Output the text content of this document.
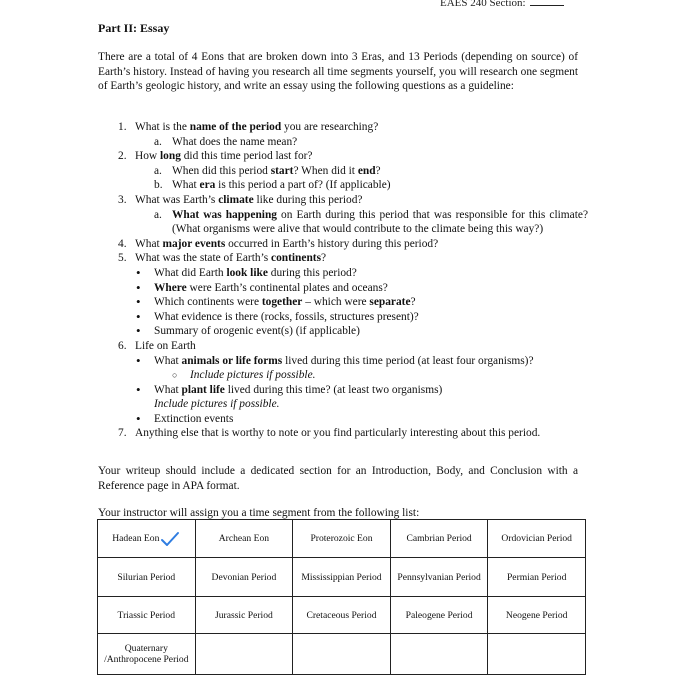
EAES 240 Section:
Part II: Essay
There are a total of 4 Eons that are broken down into 3 Eras, and 13 Periods (depending on source) of Earth’s history. Instead of having you research all time segments yourself, you will research one segment of Earth’s geologic history, and write an essay using the following questions as a guideline:
1. What is the name of the period you are researching?
a. What does the name mean?
2. How long did this time period last for?
a. When did this period start? When did it end?
b. What era is this period a part of? (If applicable)
3. What was Earth’s climate like during this period?
a. What was happening on Earth during this period that was responsible for this climate? (What organisms were alive that would contribute to the climate being this way?)
4. What major events occurred in Earth’s history during this period?
5. What was the state of Earth’s continents?
• What did Earth look like during this period?
• Where were Earth’s continental plates and oceans?
• Which continents were together – which were separate?
• What evidence is there (rocks, fossils, structures present)?
• Summary of orogenic event(s) (if applicable)
6. Life on Earth
• What animals or life forms lived during this time period (at least four organisms)?
○ Include pictures if possible.
• What plant life lived during this time? (at least two organisms)
Include pictures if possible.
• Extinction events
7. Anything else that is worthy to note or you find particularly interesting about this period.
Your writeup should include a dedicated section for an Introduction, Body, and Conclusion with a Reference page in APA format.
Your instructor will assign you a time segment from the following list:
Hadean Eon	Archean Eon	Proterozoic Eon	Cambrian Period	Ordovician Period
Silurian Period	Devonian Period	Mississippian Period	Pennsylvanian Period	Permian Period
Triassic Period	Jurassic Period	Cretaceous Period	Paleogene Period	Neogene Period
Quaternary /Anthropocene Period				
